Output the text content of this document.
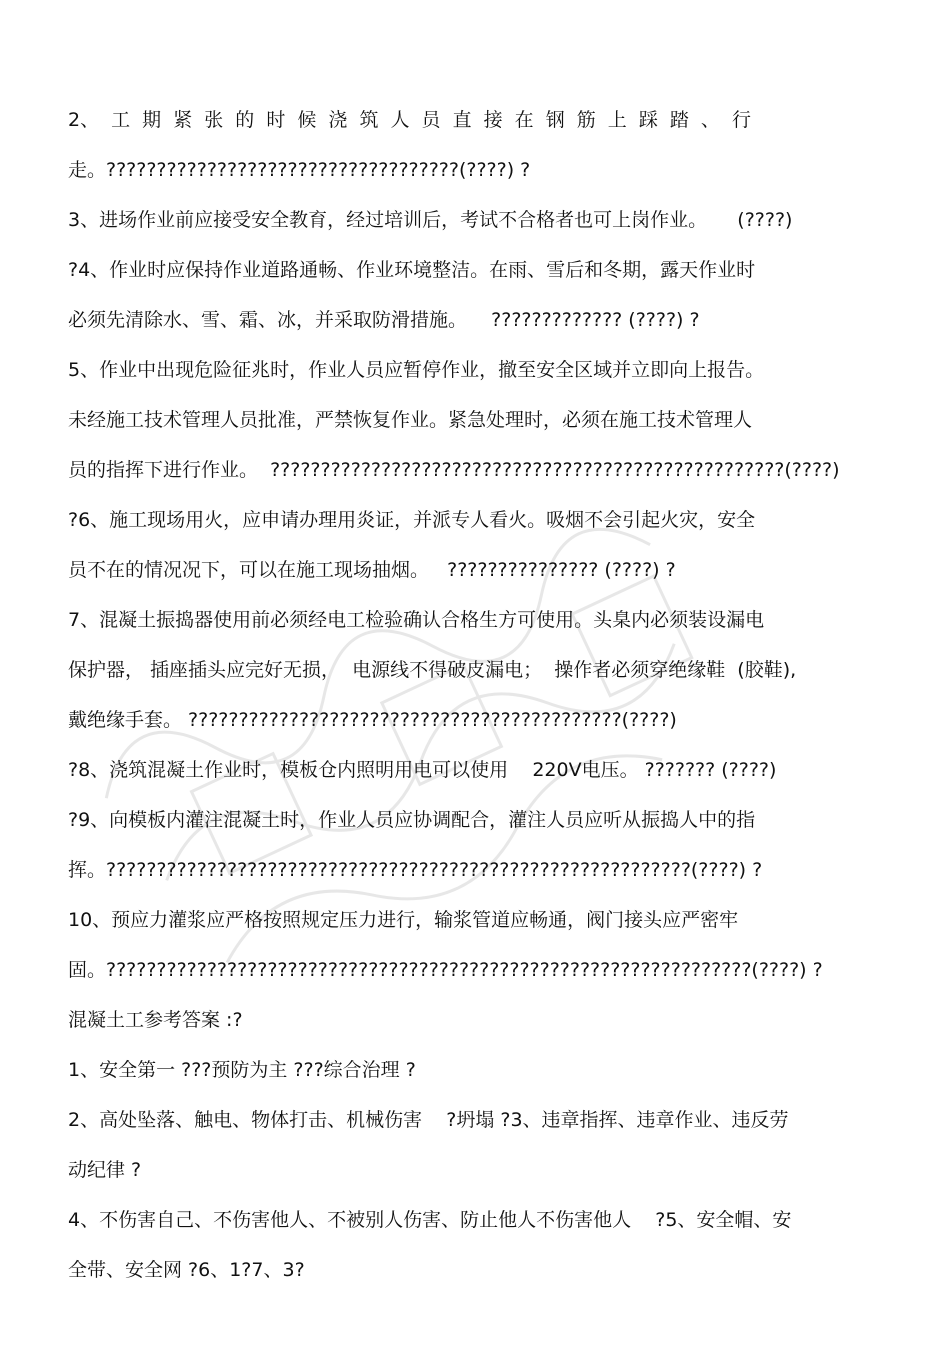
2、  工  期  紧  张  的  时  候  浇  筑  人  员  直  接  在  钢  筋  上  踩  踏  、  行
走。???????????????????????????????????(????) ?
3、进场作业前应接受安全教育，经过培训后，考试不合格者也可上岗作业。     (????)
?4、作业时应保持作业道路通畅、作业环境整洁。在雨、雪后和冬期，露天作业时
必须先清除水、雪、霜、冰，并采取防滑措施。    ????????????? (????) ?
5、作业中出现危险征兆时，作业人员应暂停作业，撤至安全区域并立即向上报告。
未经施工技术管理人员批准，严禁恢复作业。紧急处理时，必须在施工技术管理人
员的指挥下进行作业。  ???????????????????????????????????????????????????(????)
?6、施工现场用火，应申请办理用炎证，并派专人看火。吸烟不会引起火灾，安全
员不在的情况况下，可以在施工现场抽烟。   ??????????????? (????) ?
7、混凝土振捣器使用前必须经电工检验确认合格生方可使用。头臬内必须装设漏电
保护器， 插座插头应完好无损，  电源线不得破皮漏电；  操作者必须穿绝缘鞋  (胶鞋),
戴绝缘手套。 ???????????????????????????????????????????(????)
?8、浇筑混凝土作业时，模板仓内照明用电可以使用    220V电压。 ??????? (????)
?9、向模板内灌注混凝土时，作业人员应协调配合，灌注人员应听从振捣人中的指
挥。??????????????????????????????????????????????????????????(????) ?
10、预应力灌浆应严格按照规定压力进行，输浆管道应畅通，阀门接头应严密牢
固。????????????????????????????????????????????????????????????????(????) ?
混凝土工参考答案 :?
1、安全第一 ???预防为主 ???综合治理 ?
2、高处坠落、触电、物体打击、机械伤害    ?坍塌 ?3、违章指挥、违章作业、违反劳
动纪律 ?
4、不伤害自己、不伤害他人、不被别人伤害、防止他人不伤害他人    ?5、安全帽、安
全带、安全网 ?6、1?7、3?
